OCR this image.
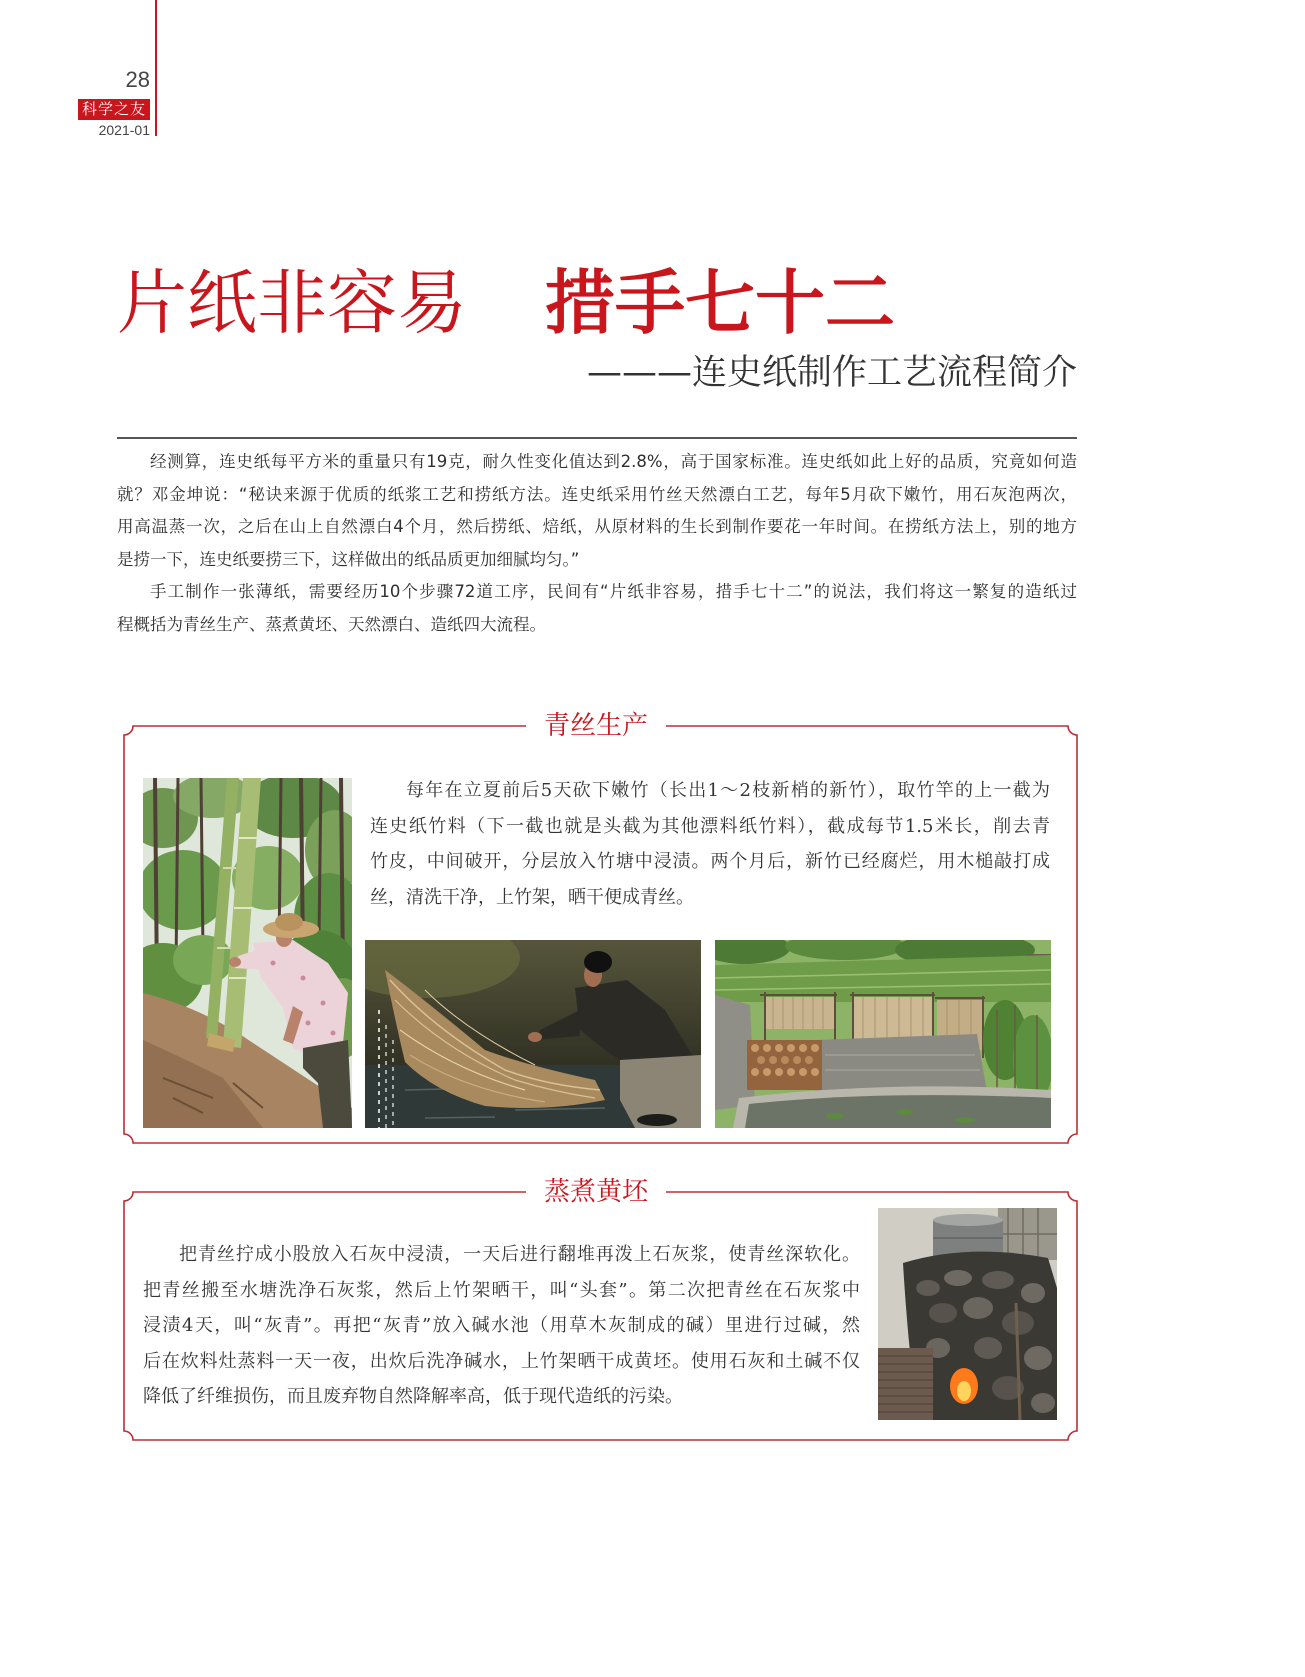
28
科学之友
2021-01
片纸非容易 措手七十二
———连史纸制作工艺流程简介
经测算，连史纸每平方米的重量只有19克，耐久性变化值达到2.8%，高于国家标准。连史纸如此上好的品质，究竟如何造
就？邓金坤说：“秘诀来源于优质的纸浆工艺和捞纸方法。连史纸采用竹丝天然漂白工艺，每年5月砍下嫩竹，用石灰泡两次，
用高温蒸一次，之后在山上自然漂白4个月，然后捞纸、焙纸，从原材料的生长到制作要花一年时间。在捞纸方法上，别的地方
是捞一下，连史纸要捞三下，这样做出的纸品质更加细腻均匀。”
手工制作一张薄纸，需要经历10个步骤72道工序，民间有“片纸非容易，措手七十二”的说法，我们将这一繁复的造纸过
程概括为青丝生产、蒸煮黄坯、天然漂白、造纸四大流程。
青丝生产
每年在立夏前后5天砍下嫩竹（长出1～2枝新梢的新竹），取竹竿的上一截为
连史纸竹料（下一截也就是头截为其他漂料纸竹料），截成每节1.5米长，削去青
竹皮，中间破开，分层放入竹塘中浸渍。两个月后，新竹已经腐烂，用木槌敲打成
丝，清洗干净，上竹架，晒干便成青丝。
蒸煮黄坯
把青丝拧成小股放入石灰中浸渍，一天后进行翻堆再泼上石灰浆，使青丝深软化。
把青丝搬至水塘洗净石灰浆，然后上竹架晒干，叫“头套”。第二次把青丝在石灰浆中
浸渍4天，叫“灰青”。再把“灰青”放入碱水池（用草木灰制成的碱）里进行过碱，然
后在炊料灶蒸料一天一夜，出炊后洗净碱水，上竹架晒干成黄坯。使用石灰和土碱不仅
降低了纤维损伤，而且废弃物自然降解率高，低于现代造纸的污染。
